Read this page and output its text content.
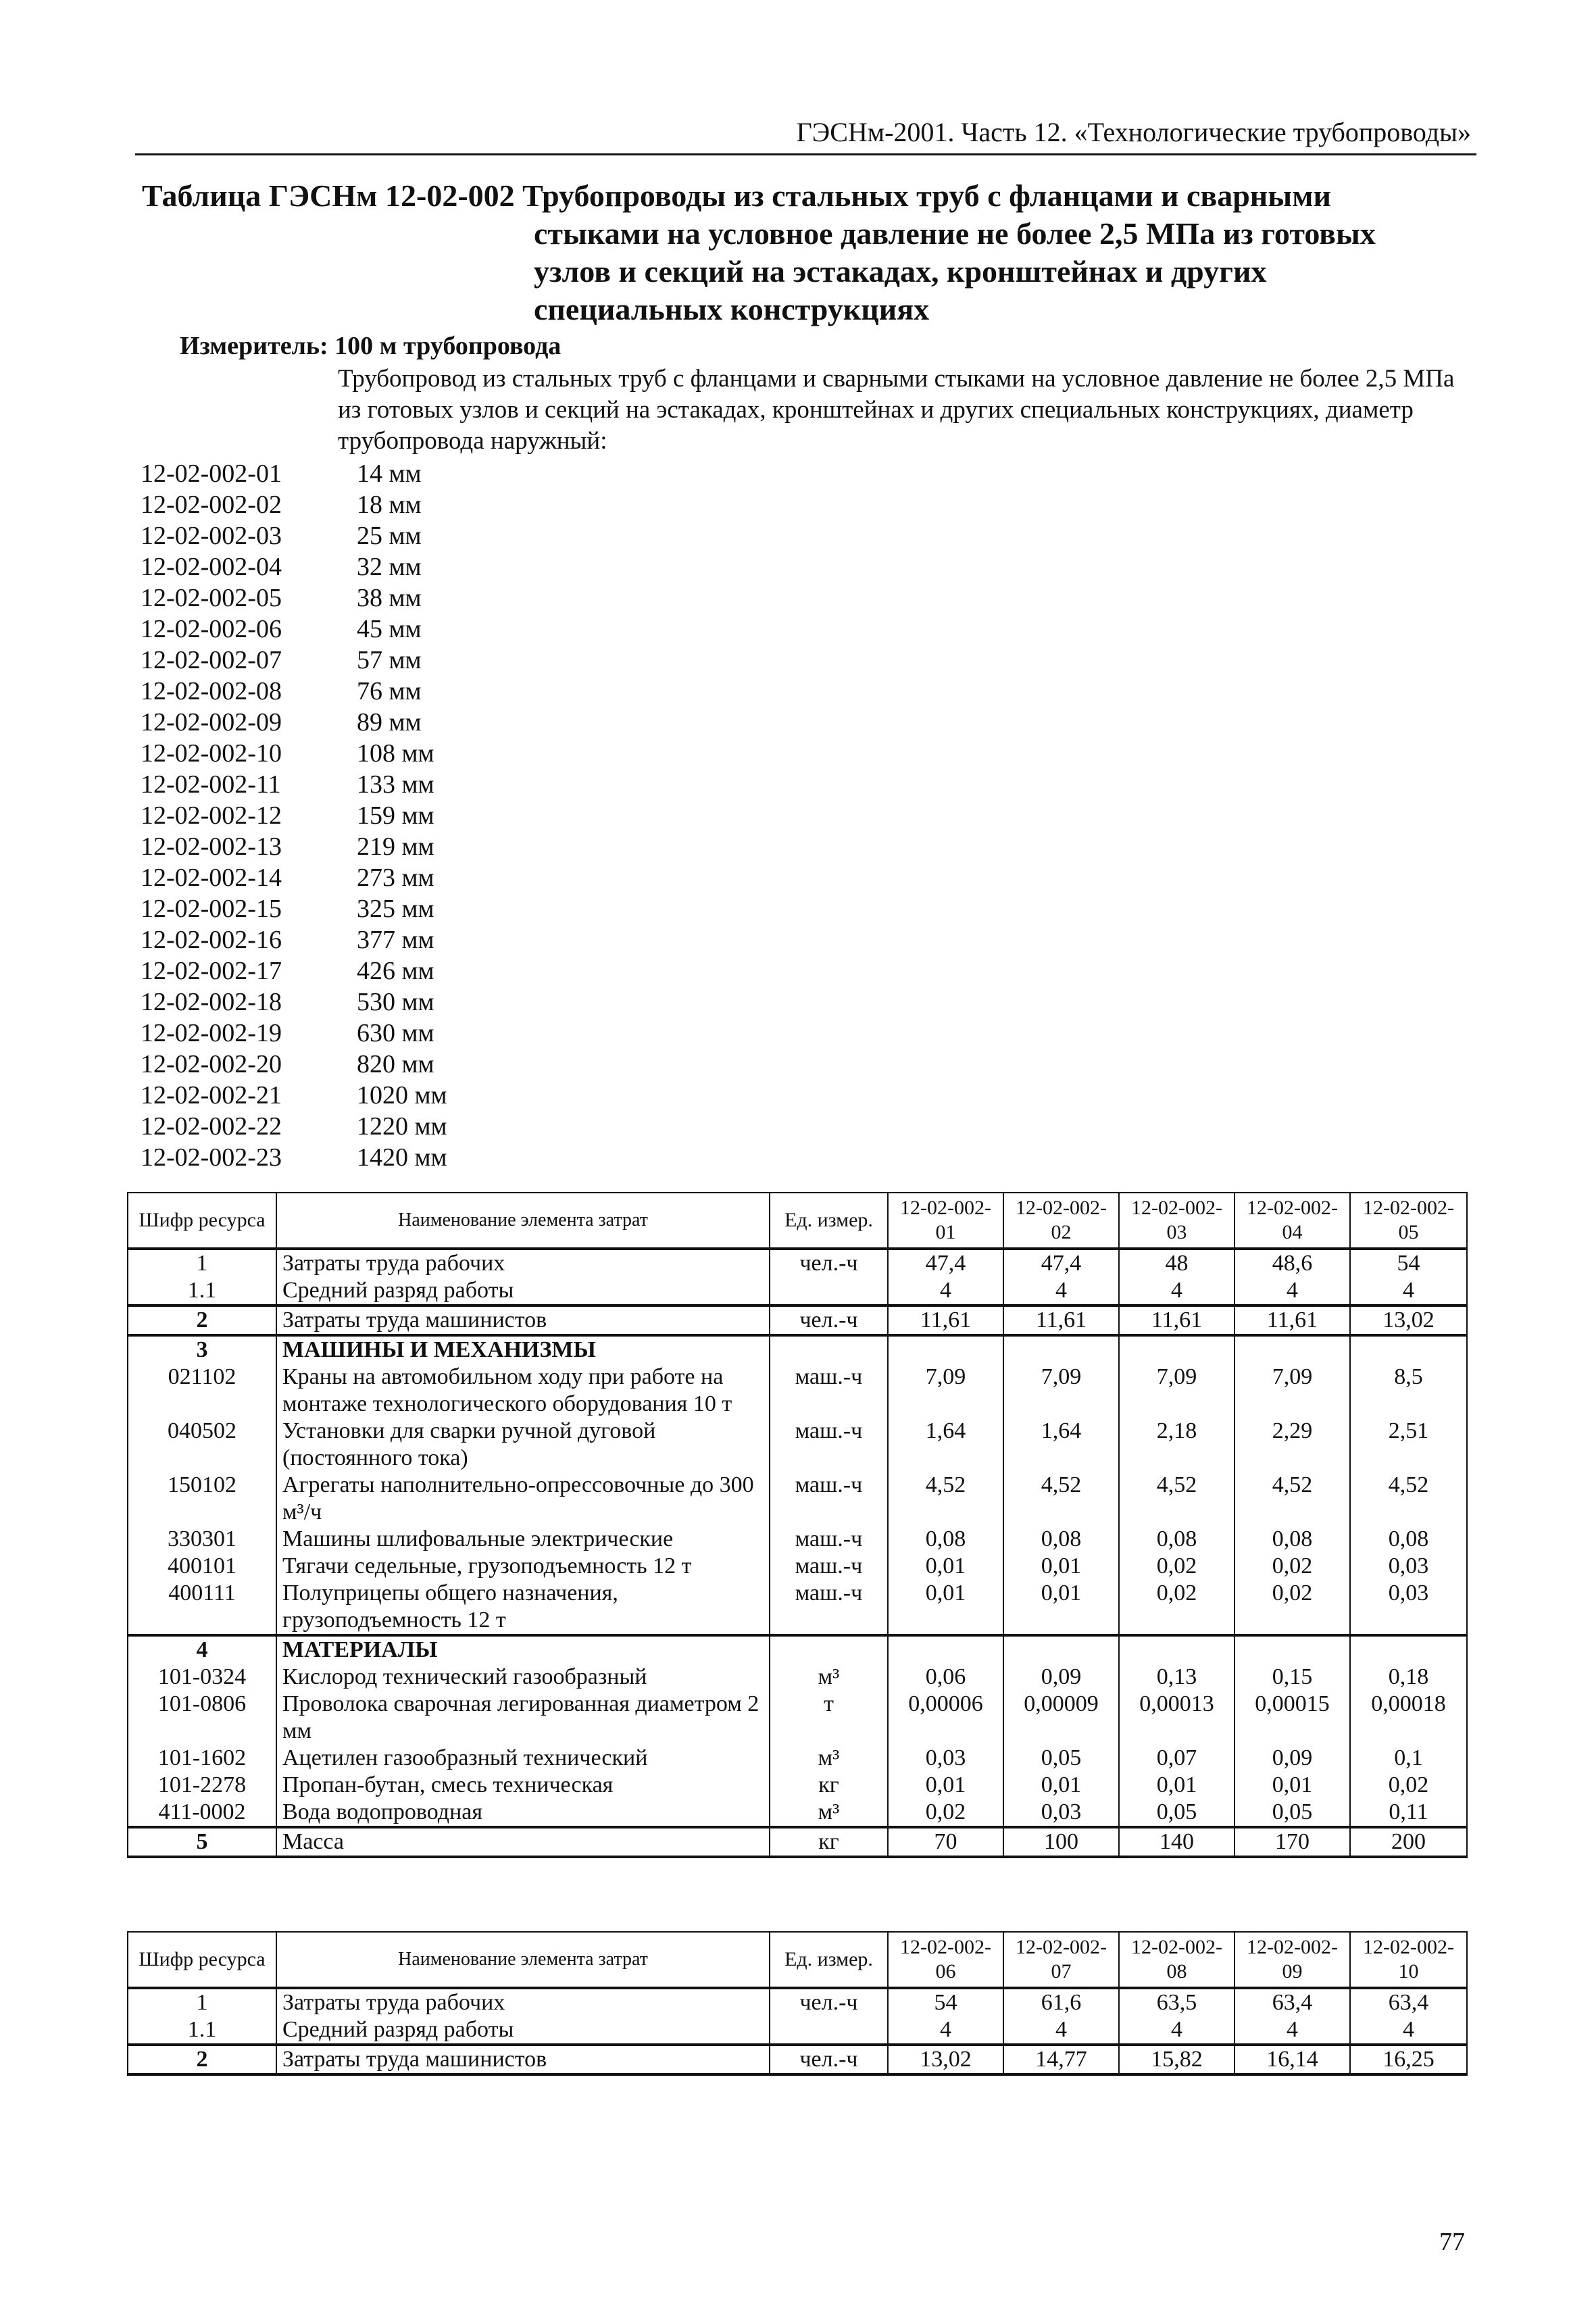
ГЭСНм-2001. Часть 12. «Технологические трубопроводы»
Таблица ГЭСНм 12-02-002 Трубопроводы из стальных труб с фланцами и сварными
стыками на условное давление не более 2,5 МПа из готовых
узлов и секций на эстакадах, кронштейнах и других
специальных конструкциях
Измеритель: 100 м трубопровода
Трубопровод из стальных труб с фланцами и сварными стыками на условное давление не более 2,5 МПа из готовых узлов и секций на эстакадах, кронштейнах и других специальных конструкциях, диаметр трубопровода наружный:
12-02-002-01	14 мм
12-02-002-02	18 мм
12-02-002-03	25 мм
12-02-002-04	32 мм
12-02-002-05	38 мм
12-02-002-06	45 мм
12-02-002-07	57 мм
12-02-002-08	76 мм
12-02-002-09	89 мм
12-02-002-10	108 мм
12-02-002-11	133 мм
12-02-002-12	159 мм
12-02-002-13	219 мм
12-02-002-14	273 мм
12-02-002-15	325 мм
12-02-002-16	377 мм
12-02-002-17	426 мм
12-02-002-18	530 мм
12-02-002-19	630 мм
12-02-002-20	820 мм
12-02-002-21	1020 мм
12-02-002-22	1220 мм
12-02-002-23	1420 мм
Шифр ресурса	Наименование элемента затрат	Ед. измер.	12-02-002-01	12-02-002-02	12-02-002-03	12-02-002-04	12-02-002-05
1	Затраты труда рабочих	чел.-ч	47,4	47,4	48	48,6	54
1.1	Средний разряд работы		4	4	4	4	4
2	Затраты труда машинистов	чел.-ч	11,61	11,61	11,61	11,61	13,02
3	МАШИНЫ И МЕХАНИЗМЫ						
021102	Краны на автомобильном ходу при работе на монтаже технологического оборудования 10 т	маш.-ч	7,09	7,09	7,09	7,09	8,5
040502	Установки для сварки ручной дуговой (постоянного тока)	маш.-ч	1,64	1,64	2,18	2,29	2,51
150102	Агрегаты наполнительно-опрессовочные до 300 м³/ч	маш.-ч	4,52	4,52	4,52	4,52	4,52
330301	Машины шлифовальные электрические	маш.-ч	0,08	0,08	0,08	0,08	0,08
400101	Тягачи седельные, грузоподъемность 12 т	маш.-ч	0,01	0,01	0,02	0,02	0,03
400111	Полуприцепы общего назначения, грузоподъемность 12 т	маш.-ч	0,01	0,01	0,02	0,02	0,03
4	МАТЕРИАЛЫ						
101-0324	Кислород технический газообразный	м³	0,06	0,09	0,13	0,15	0,18
101-0806	Проволока сварочная легированная диаметром 2 мм	т	0,00006	0,00009	0,00013	0,00015	0,00018
101-1602	Ацетилен газообразный технический	м³	0,03	0,05	0,07	0,09	0,1
101-2278	Пропан-бутан, смесь техническая	кг	0,01	0,01	0,01	0,01	0,02
411-0002	Вода водопроводная	м³	0,02	0,03	0,05	0,05	0,11
5	Масса	кг	70	100	140	170	200
Шифр ресурса	Наименование элемента затрат	Ед. измер.	12-02-002-06	12-02-002-07	12-02-002-08	12-02-002-09	12-02-002-10
1	Затраты труда рабочих	чел.-ч	54	61,6	63,5	63,4	63,4
1.1	Средний разряд работы		4	4	4	4	4
2	Затраты труда машинистов	чел.-ч	13,02	14,77	15,82	16,14	16,25
77
